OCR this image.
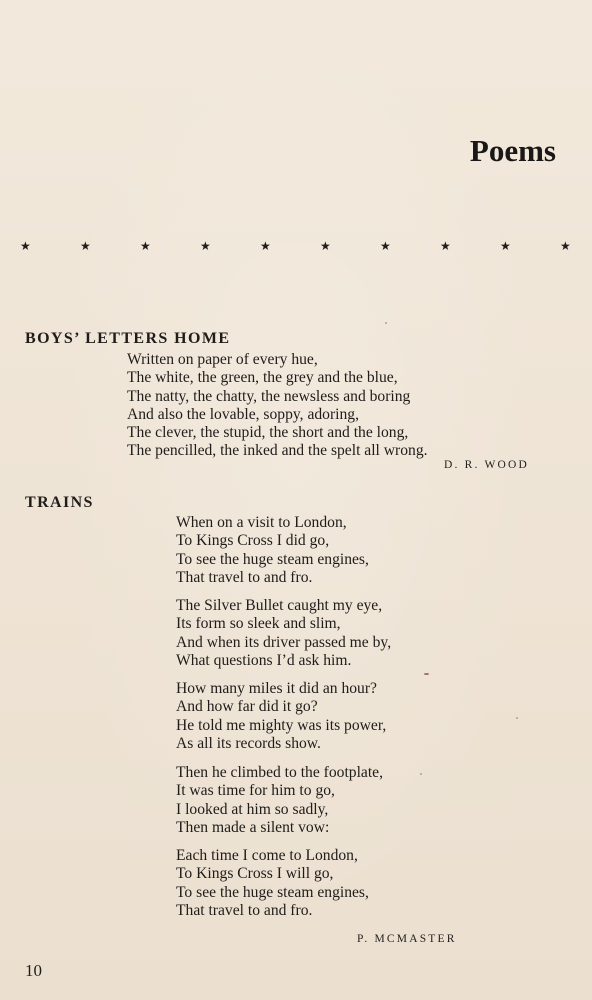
Poems
★	★	★	★	★	★	★	★	★	★
BOYS’ LETTERS HOME
Written on paper of every hue,
The white, the green, the grey and the blue,
The natty, the chatty, the newsless and boring
And also the lovable, soppy, adoring,
The clever, the stupid, the short and the long,
The pencilled, the inked and the spelt all wrong.

D. R. WOOD

TRAINS
When on a visit to London,
To Kings Cross I did go,
To see the huge steam engines,
That travel to and fro.
The Silver Bullet caught my eye,
Its form so sleek and slim,
And when its driver passed me by,
What questions I’d ask him.
How many miles it did an hour?
And how far did it go?
He told me mighty was its power,
As all its records show.
Then he climbed to the footplate,
It was time for him to go,
I looked at him so sadly,
Then made a silent vow:
Each time I come to London,
To Kings Cross I will go,
To see the huge steam engines,
That travel to and fro.

P. MCMASTER

10
